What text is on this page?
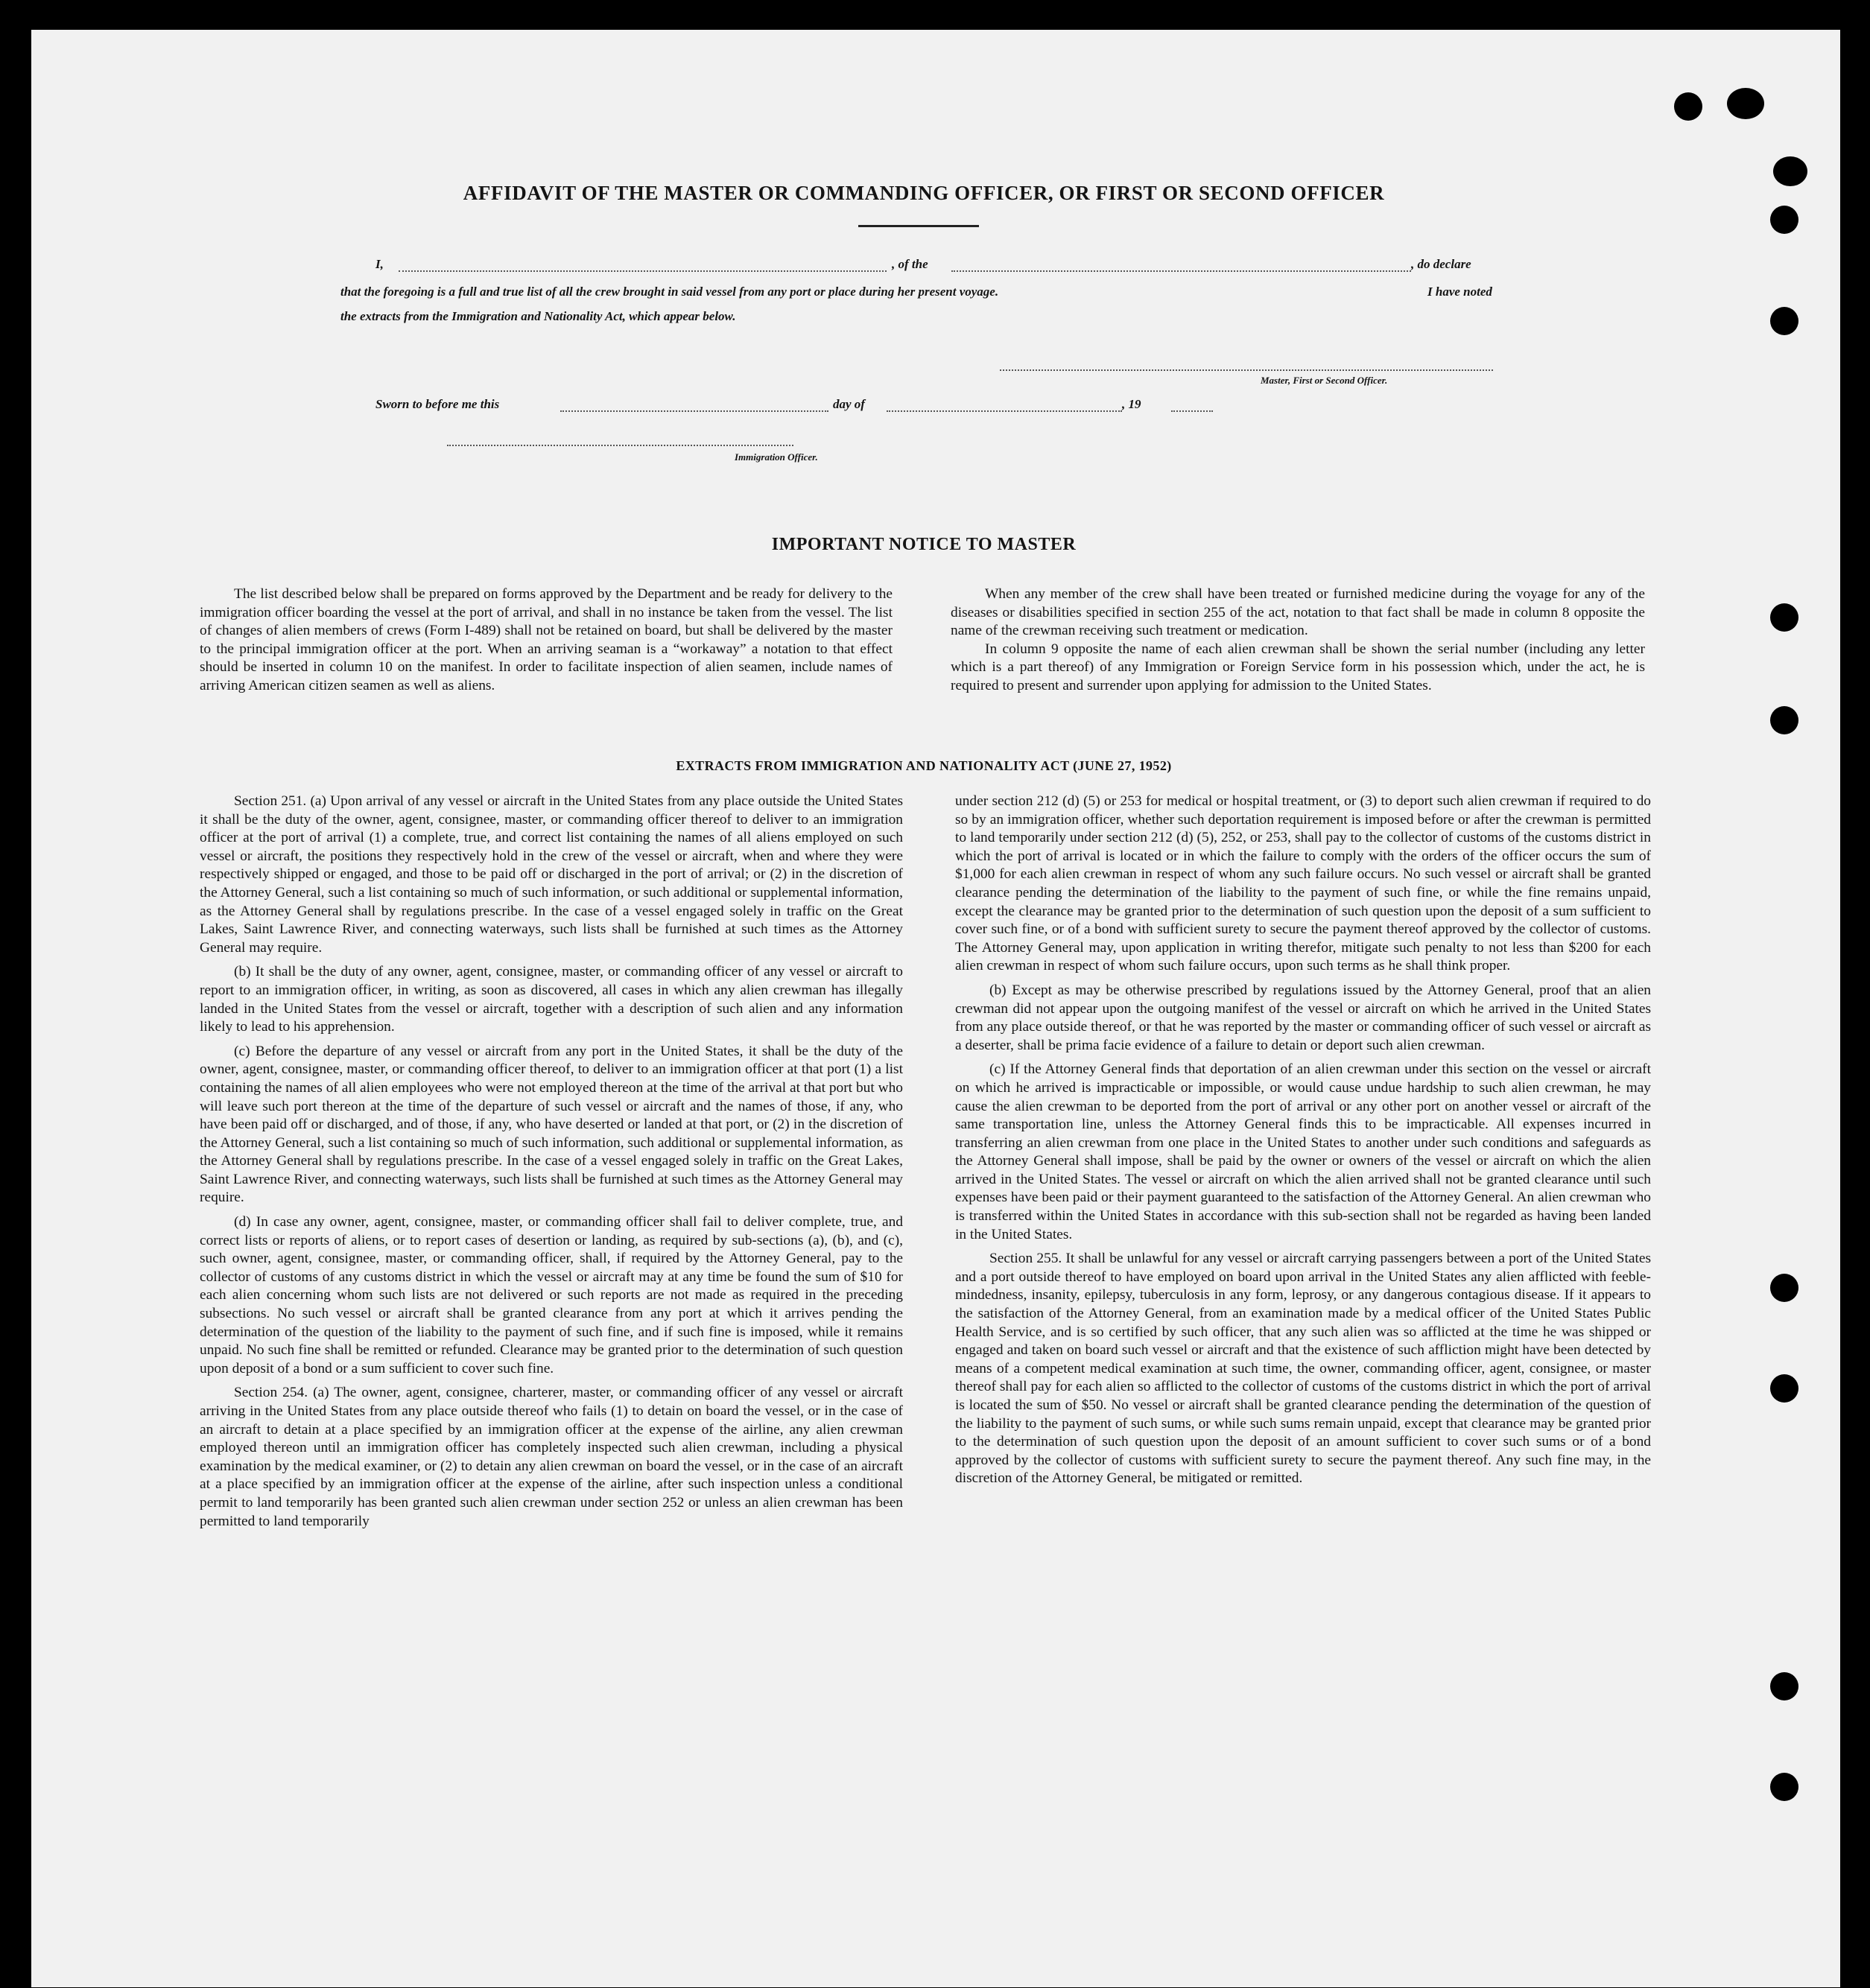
AFFIDAVIT OF THE MASTER OR COMMANDING OFFICER, OR FIRST OR SECOND OFFICER
I,	, of the	, do declare
that the foregoing is a full and true list of all the crew brought in said vessel from any port or place during her present voyage.	I have noted
the extracts from the Immigration and Nationality Act, which appear below.
Master, First or Second Officer.
Sworn to before me this	day of	, 19
Immigration Officer.
IMPORTANT NOTICE TO MASTER

The list described below shall be prepared on forms approved by the Department and be ready for delivery to the immigration officer boarding the vessel at the port of arrival, and shall in no instance be taken from the vessel. The list of changes of alien members of crews (Form I-489) shall not be retained on board, but shall be delivered by the master to the principal immigration officer at the port. When an arriving seaman is a “workaway” a notation to that effect should be inserted in column 10 on the manifest. In order to facilitate inspection of alien seamen, include names of arriving American citizen seamen as well as aliens.

When any member of the crew shall have been treated or furnished medicine during the voyage for any of the diseases or disabilities specified in section 255 of the act, notation to that fact shall be made in column 8 opposite the name of the crewman receiving such treatment or medication.

In column 9 opposite the name of each alien crewman shall be shown the serial number (including any letter which is a part thereof) of any Immigration or Foreign Service form in his possession which, under the act, he is required to present and surrender upon applying for admission to the United States.

EXTRACTS FROM IMMIGRATION AND NATIONALITY ACT (JUNE 27, 1952)

Section 251. (a) Upon arrival of any vessel or aircraft in the United States from any place outside the United States it shall be the duty of the owner, agent, consignee, master, or commanding officer thereof to deliver to an immigration officer at the port of arrival (1) a complete, true, and correct list containing the names of all aliens employed on such vessel or aircraft, the positions they respectively hold in the crew of the vessel or aircraft, when and where they were respectively shipped or engaged, and those to be paid off or discharged in the port of arrival; or (2) in the discretion of the Attorney General, such a list containing so much of such information, or such additional or supplemental information, as the Attorney General shall by regulations prescribe. In the case of a vessel engaged solely in traffic on the Great Lakes, Saint Lawrence River, and connecting waterways, such lists shall be furnished at such times as the Attorney General may require.

(b) It shall be the duty of any owner, agent, consignee, master, or commanding officer of any vessel or aircraft to report to an immigration officer, in writing, as soon as discovered, all cases in which any alien crewman has illegally landed in the United States from the vessel or aircraft, together with a description of such alien and any information likely to lead to his apprehension.

(c) Before the departure of any vessel or aircraft from any port in the United States, it shall be the duty of the owner, agent, consignee, master, or commanding officer thereof, to deliver to an immigration officer at that port (1) a list containing the names of all alien employees who were not employed thereon at the time of the arrival at that port but who will leave such port thereon at the time of the departure of such vessel or aircraft and the names of those, if any, who have been paid off or discharged, and of those, if any, who have deserted or landed at that port, or (2) in the discretion of the Attorney General, such a list containing so much of such information, such additional or supplemental information, as the Attorney General shall by regulations prescribe. In the case of a vessel engaged solely in traffic on the Great Lakes, Saint Lawrence River, and connecting waterways, such lists shall be furnished at such times as the Attorney General may require.

(d) In case any owner, agent, consignee, master, or commanding officer shall fail to deliver complete, true, and correct lists or reports of aliens, or to report cases of desertion or landing, as required by sub-sections (a), (b), and (c), such owner, agent, consignee, master, or commanding officer, shall, if required by the Attorney General, pay to the collector of customs of any customs district in which the vessel or aircraft may at any time be found the sum of $10 for each alien concerning whom such lists are not delivered or such reports are not made as required in the preceding subsections. No such vessel or aircraft shall be granted clearance from any port at which it arrives pending the determination of the question of the liability to the payment of such fine, and if such fine is imposed, while it remains unpaid. No such fine shall be remitted or refunded. Clearance may be granted prior to the determination of such question upon deposit of a bond or a sum sufficient to cover such fine.

Section 254. (a) The owner, agent, consignee, charterer, master, or commanding officer of any vessel or aircraft arriving in the United States from any place outside thereof who fails (1) to detain on board the vessel, or in the case of an aircraft to detain at a place specified by an immigration officer at the expense of the airline, any alien crewman employed thereon until an immigration officer has completely inspected such alien crewman, including a physical examination by the medical examiner, or (2) to detain any alien crewman on board the vessel, or in the case of an aircraft at a place specified by an immigration officer at the expense of the airline, after such inspection unless a conditional permit to land temporarily has been granted such alien crewman under section 252 or unless an alien crewman has been permitted to land temporarily

under section 212 (d) (5) or 253 for medical or hospital treatment, or (3) to deport such alien crewman if required to do so by an immigration officer, whether such deportation requirement is imposed before or after the crewman is permitted to land temporarily under section 212 (d) (5), 252, or 253, shall pay to the collector of customs of the customs district in which the port of arrival is located or in which the failure to comply with the orders of the officer occurs the sum of $1,000 for each alien crewman in respect of whom any such failure occurs. No such vessel or aircraft shall be granted clearance pending the determination of the liability to the payment of such fine, or while the fine remains unpaid, except the clearance may be granted prior to the determination of such question upon the deposit of a sum sufficient to cover such fine, or of a bond with sufficient surety to secure the payment thereof approved by the collector of customs. The Attorney General may, upon application in writing therefor, mitigate such penalty to not less than $200 for each alien crewman in respect of whom such failure occurs, upon such terms as he shall think proper.

(b) Except as may be otherwise prescribed by regulations issued by the Attorney General, proof that an alien crewman did not appear upon the outgoing manifest of the vessel or aircraft on which he arrived in the United States from any place outside thereof, or that he was reported by the master or commanding officer of such vessel or aircraft as a deserter, shall be prima facie evidence of a failure to detain or deport such alien crewman.

(c) If the Attorney General finds that deportation of an alien crewman under this section on the vessel or aircraft on which he arrived is impracticable or impossible, or would cause undue hardship to such alien crewman, he may cause the alien crewman to be deported from the port of arrival or any other port on another vessel or aircraft of the same transportation line, unless the Attorney General finds this to be impracticable. All expenses incurred in transferring an alien crewman from one place in the United States to another under such conditions and safeguards as the Attorney General shall impose, shall be paid by the owner or owners of the vessel or aircraft on which the alien arrived in the United States. The vessel or aircraft on which the alien arrived shall not be granted clearance until such expenses have been paid or their payment guaranteed to the satisfaction of the Attorney General. An alien crewman who is transferred within the United States in accordance with this sub-section shall not be regarded as having been landed in the United States.

Section 255. It shall be unlawful for any vessel or aircraft carrying passengers between a port of the United States and a port outside thereof to have employed on board upon arrival in the United States any alien afflicted with feeble-mindedness, insanity, epilepsy, tuberculosis in any form, leprosy, or any dangerous contagious disease. If it appears to the satisfaction of the Attorney General, from an examination made by a medical officer of the United States Public Health Service, and is so certified by such officer, that any such alien was so afflicted at the time he was shipped or engaged and taken on board such vessel or aircraft and that the existence of such affliction might have been detected by means of a competent medical examination at such time, the owner, commanding officer, agent, consignee, or master thereof shall pay for each alien so afflicted to the collector of customs of the customs district in which the port of arrival is located the sum of $50. No vessel or aircraft shall be granted clearance pending the determination of the question of the liability to the payment of such sums, or while such sums remain unpaid, except that clearance may be granted prior to the determination of such question upon the deposit of an amount sufficient to cover such sums or of a bond approved by the collector of customs with sufficient surety to secure the payment thereof. Any such fine may, in the discretion of the Attorney General, be mitigated or remitted.
